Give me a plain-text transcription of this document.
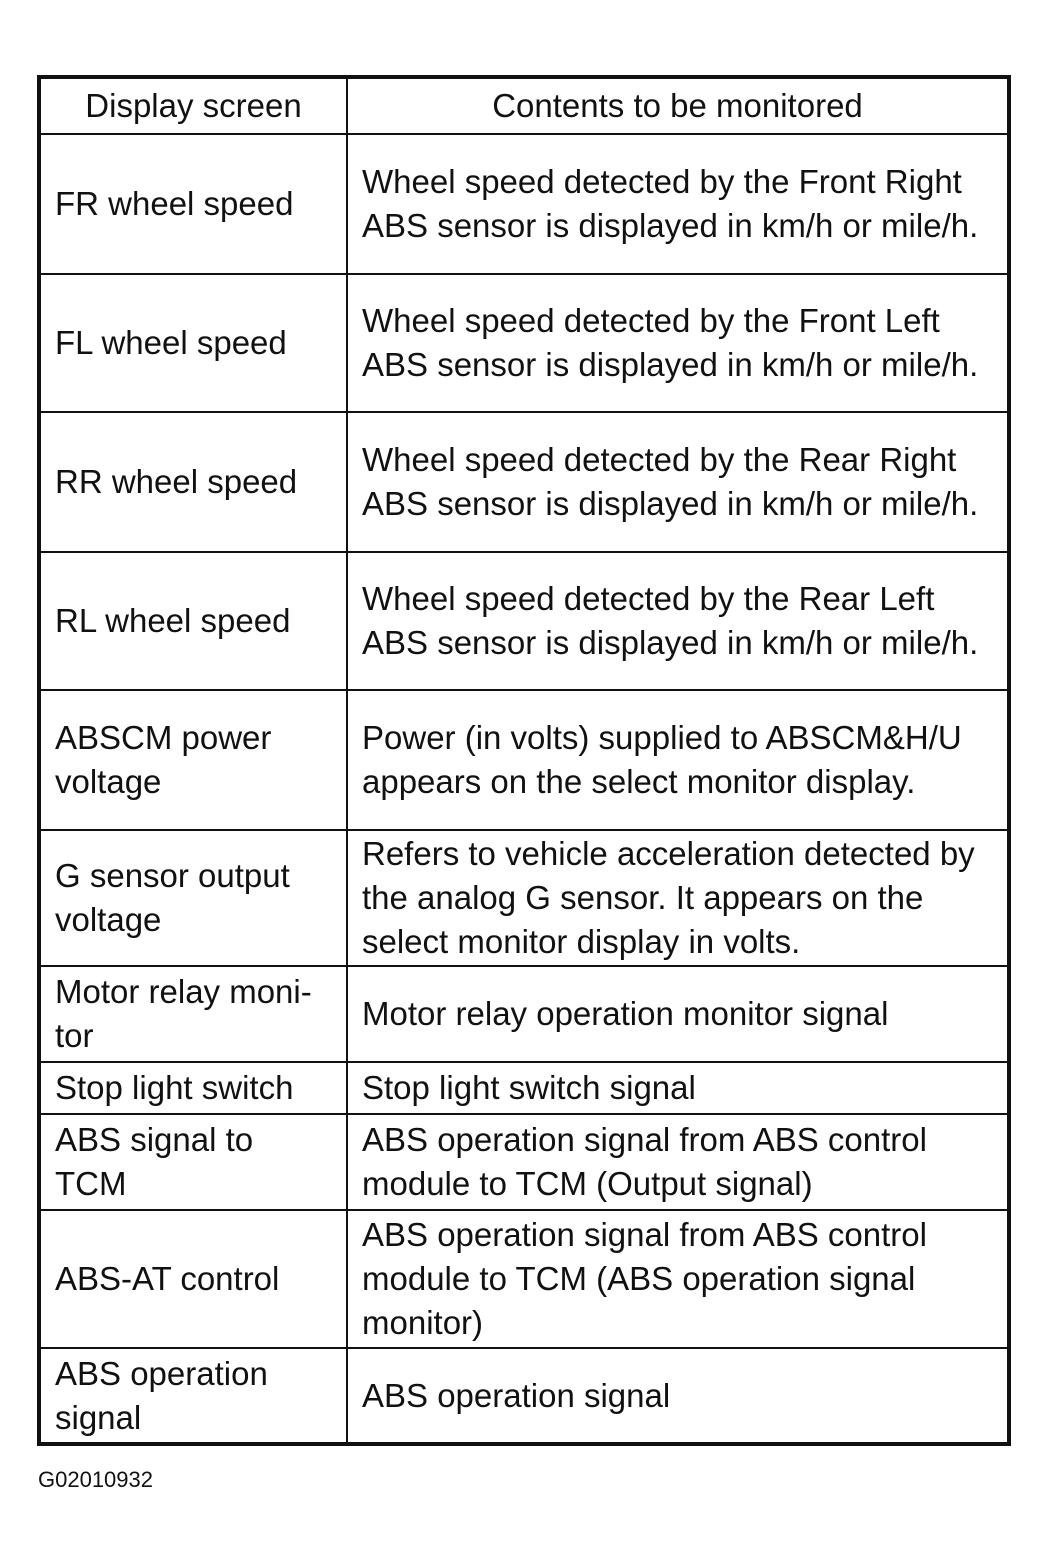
Display screen	Contents to be monitored
FR wheel speed	Wheel speed detected by the Front Right ABS sensor is displayed in km/h or mile/h.
FL wheel speed	Wheel speed detected by the Front Left ABS sensor is displayed in km/h or mile/h.
RR wheel speed	Wheel speed detected by the Rear Right ABS sensor is displayed in km/h or mile/h.
RL wheel speed	Wheel speed detected by the Rear Left ABS sensor is displayed in km/h or mile/h.
ABSCM power voltage	Power (in volts) supplied to ABSCM&H/U appears on the select monitor display.
G sensor output voltage	Refers to vehicle acceleration detected by the analog G sensor. It appears on the select monitor display in volts.
Motor relay moni-tor	Motor relay operation monitor signal
Stop light switch	Stop light switch signal
ABS signal to TCM	ABS operation signal from ABS control module to TCM (Output signal)
ABS-AT control	ABS operation signal from ABS control module to TCM (ABS operation signal monitor)
ABS operation signal	ABS operation signal
G02010932
